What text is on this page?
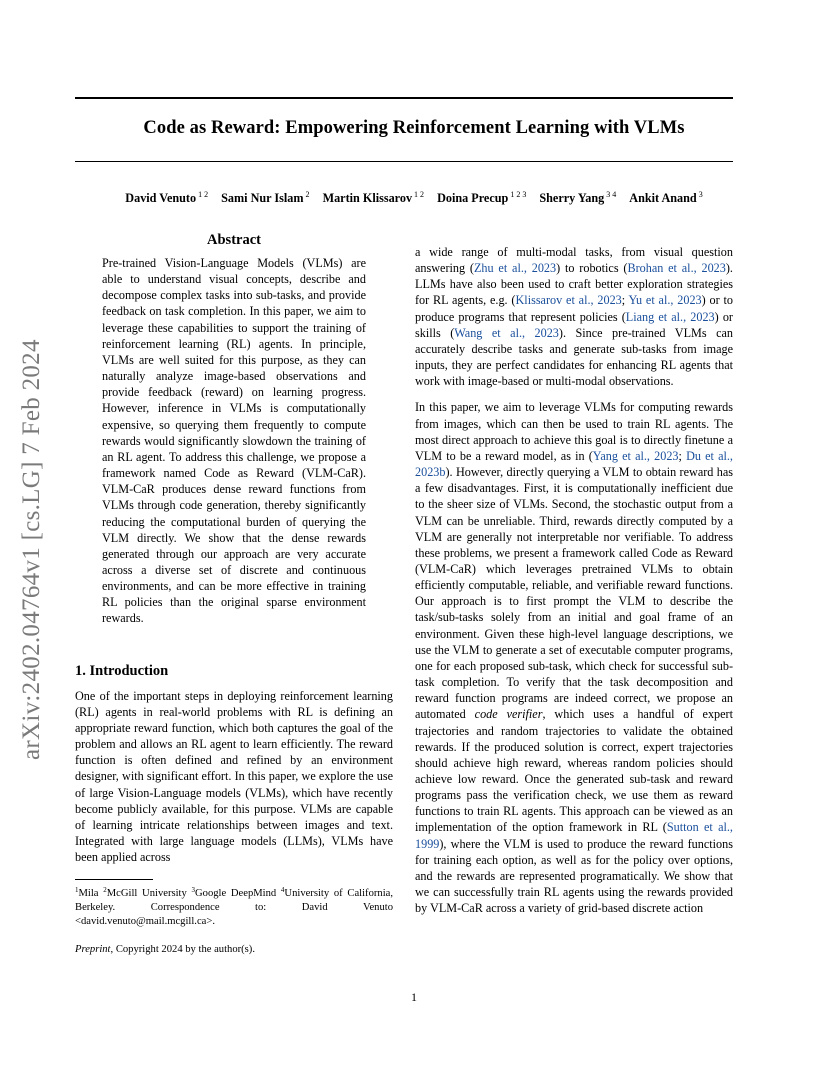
arXiv:2402.04764v1 [cs.LG] 7 Feb 2024
Code as Reward: Empowering Reinforcement Learning with VLMs
David Venuto $^{1 2}$ Sami Nur Islam $^2$ Martin Klissarov $^{1 2}$ Doina Precup $^{1 2 3}$ Sherry Yang $^{3 4}$ Ankit Anand $^3$
Abstract
Pre-trained Vision-Language Models (VLMs) are able to understand visual concepts, describe and decompose complex tasks into sub-tasks, and provide feedback on task completion. In this paper, we aim to leverage these capabilities to support the training of reinforcement learning (RL) agents. In principle, VLMs are well suited for this purpose, as they can naturally analyze image-based observations and provide feedback (reward) on learning progress. However, inference in VLMs is computationally expensive, so querying them frequently to compute rewards would significantly slowdown the training of an RL agent. To address this challenge, we propose a framework named Code as Reward (VLM-CaR). VLM-CaR produces dense reward functions from VLMs through code generation, thereby significantly reducing the computational burden of querying the VLM directly. We show that the dense rewards generated through our approach are very accurate across a diverse set of discrete and continuous environments, and can be more effective in training RL policies than the original sparse environment rewards.
1. Introduction

One of the important steps in deploying reinforcement learning (RL) agents in real-world problems with RL is defining an appropriate reward function, which both captures the goal of the problem and allows an RL agent to learn efficiently. The reward function is often defined and refined by an environment designer, with significant effort. In this paper, we explore the use of large Vision-Language models (VLMs), which have recently become publicly available, for this purpose. VLMs are capable of learning intricate relationships between images and text. Integrated with large language models (LLMs), VLMs have been applied across

$^1$Mila $^2$McGill University $^3$Google DeepMind $^4$University of California, Berkeley. Correspondence to: David Venuto <david.venuto@mail.mcgill.ca>.
Preprint, Copyright 2024 by the author(s).

a wide range of multi-modal tasks, from visual question answering (Zhu et al., 2023) to robotics (Brohan et al., 2023). LLMs have also been used to craft better exploration strategies for RL agents, e.g. (Klissarov et al., 2023; Yu et al., 2023) or to produce programs that represent policies (Liang et al., 2023) or skills (Wang et al., 2023). Since pre-trained VLMs can accurately describe tasks and generate sub-tasks from image inputs, they are perfect candidates for enhancing RL agents that work with image-based or multi-modal observations.

In this paper, we aim to leverage VLMs for computing rewards from images, which can then be used to train RL agents. The most direct approach to achieve this goal is to directly finetune a VLM to be a reward model, as in (Yang et al., 2023; Du et al., 2023b). However, directly querying a VLM to obtain reward has a few disadvantages. First, it is computationally inefficient due to the sheer size of VLMs. Second, the stochastic output from a VLM can be unreliable. Third, rewards directly computed by a VLM are generally not interpretable nor verifiable. To address these problems, we present a framework called Code as Reward (VLM-CaR) which leverages pretrained VLMs to obtain efficiently computable, reliable, and verifiable reward functions. Our approach is to first prompt the VLM to describe the task/sub-tasks solely from an initial and goal frame of an environment. Given these high-level language descriptions, we use the VLM to generate a set of executable computer programs, one for each proposed sub-task, which check for successful sub-task completion. To verify that the task decomposition and reward function programs are indeed correct, we propose an automated code verifier, which uses a handful of expert trajectories and random trajectories to validate the obtained rewards. If the produced solution is correct, expert trajectories should achieve high reward, whereas random policies should achieve low reward. Once the generated sub-task and reward programs pass the verification check, we use them as reward functions to train RL agents. This approach can be viewed as an implementation of the option framework in RL (Sutton et al., 1999), where the VLM is used to produce the reward functions for training each option, as well as for the policy over options, and the rewards are represented programatically. We show that we can successfully train RL agents using the rewards provided by VLM-CaR across a variety of grid-based discrete action

1
